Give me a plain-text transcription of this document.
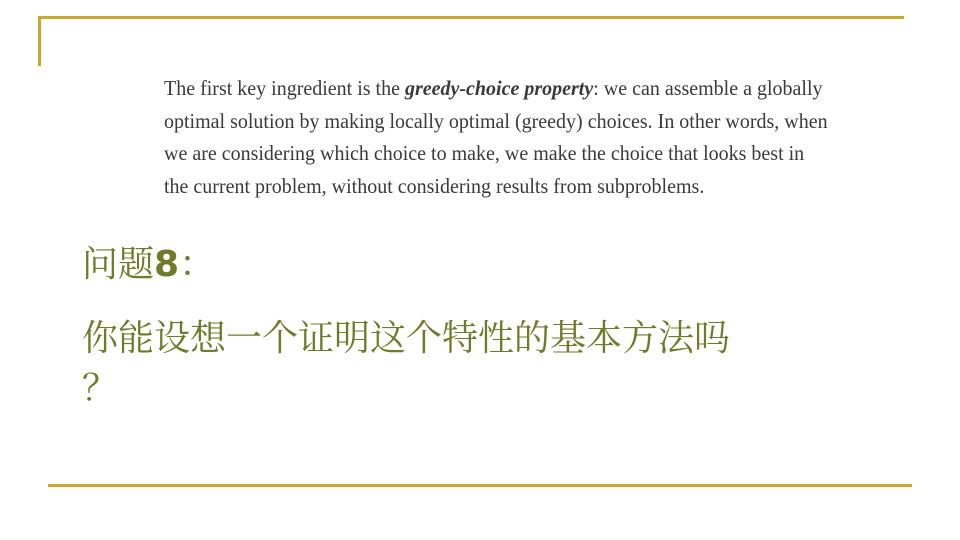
The first key ingredient is the greedy-choice property: we can assemble a globally
optimal solution by making locally optimal (greedy) choices. In other words, when
we are considering which choice to make, we make the choice that looks best in
the current problem, without considering results from subproblems.
问题8：
你能设想一个证明这个特性的基本方法吗
？
